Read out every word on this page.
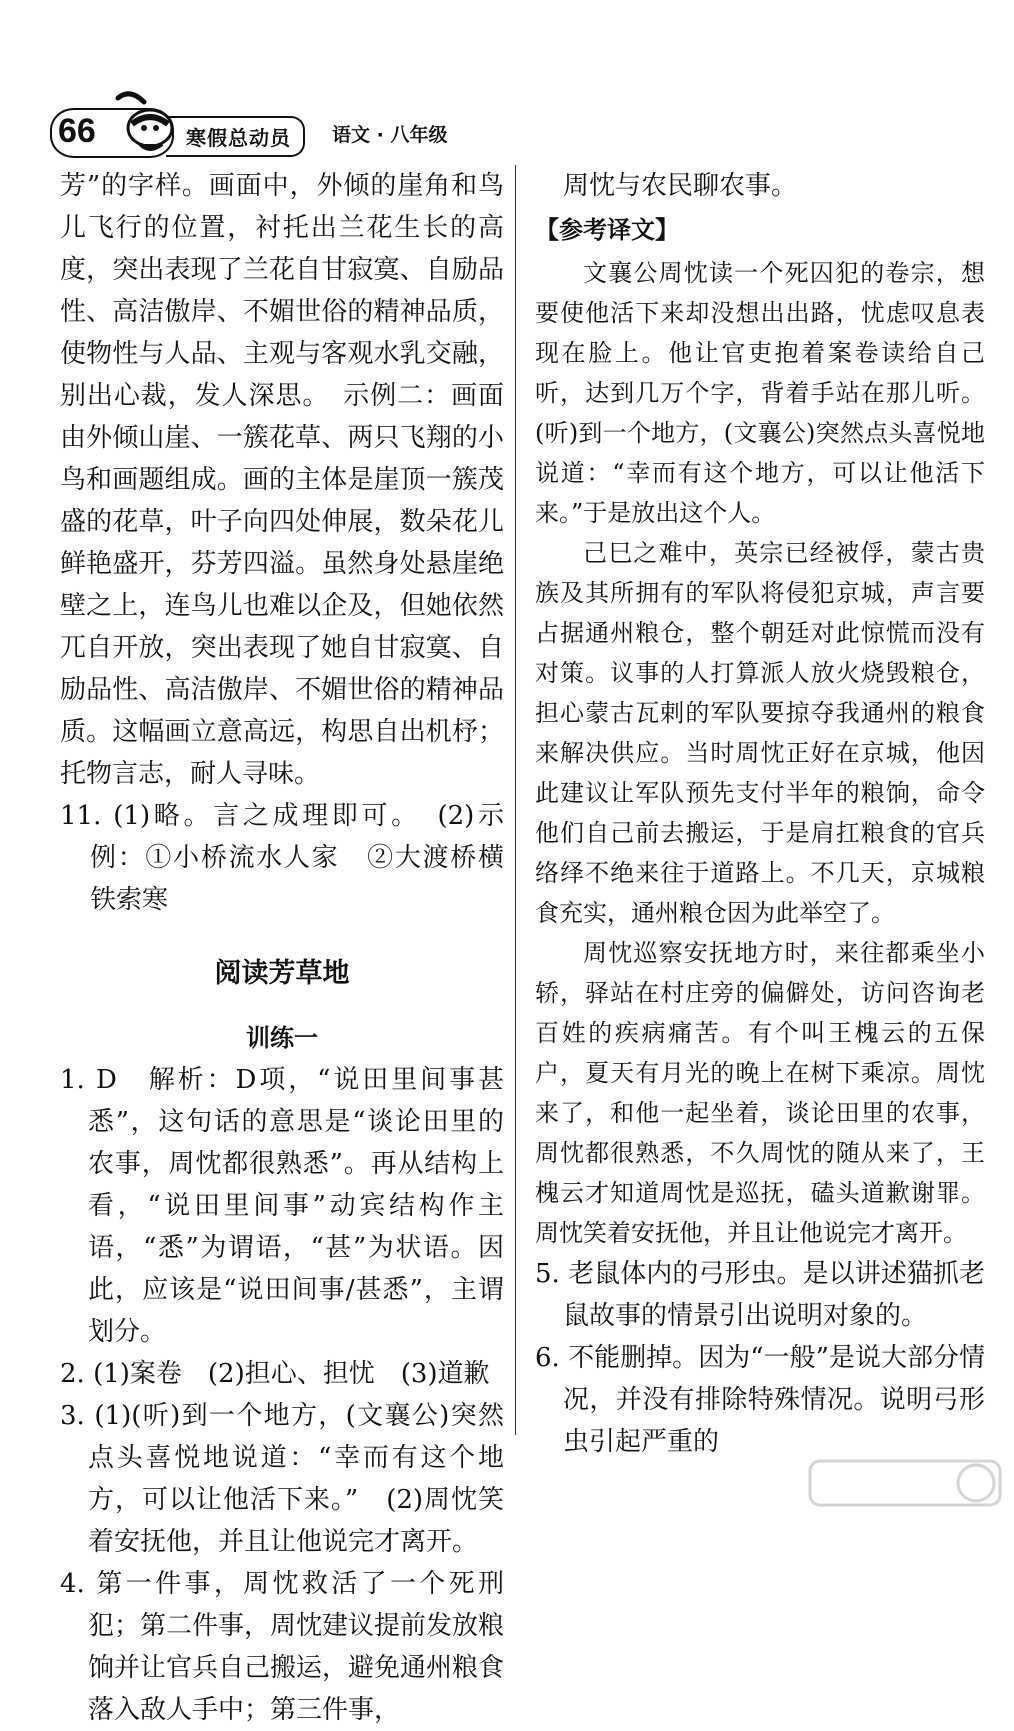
66	寒假总动员	语文 · 八年级

芳”的字样。画面中，外倾的崖角和鸟儿飞行的位置，衬托出兰花生长的高度，突出表现了兰花自甘寂寞、自励品性、高洁傲岸、不媚世俗的精神品质，使物性与人品、主观与客观水乳交融，别出心裁，发人深思。　示例二：画面由外倾山崖、一簇花草、两只飞翔的小鸟和画题组成。画的主体是崖顶一簇茂盛的花草，叶子向四处伸展，数朵花儿鲜艳盛开，芬芳四溢。虽然身处悬崖绝壁之上，连鸟儿也难以企及，但她依然兀自开放，突出表现了她自甘寂寞、自励品性、高洁傲岸、不媚世俗的精神品质。这幅画立意高远，构思自出机杼；托物言志，耐人寻味。

11. (1)略。言之成理即可。　(2)示例：①小桥流水人家　②大渡桥横铁索寒

阅读芳草地
训练一

1. D　解析：D项，“说田里间事甚悉”，这句话的意思是“谈论田里的农事，周忱都很熟悉”。再从结构上看，“说田里间事”动宾结构作主语，“悉”为谓语，“甚”为状语。因此，应该是“说田间事/甚悉”，主谓划分。

2. (1)案卷　(2)担心、担忧　(3)道歉

3. (1)(听)到一个地方，(文襄公)突然点头喜悦地说道：“幸而有这个地方，可以让他活下来。”　(2)周忱笑着安抚他，并且让他说完才离开。

4. 第一件事，周忱救活了一个死刑犯；第二件事，周忱建议提前发放粮饷并让官兵自己搬运，避免通州粮食落入敌人手中；第三件事，

周忱与农民聊农事。

【参考译文】

文襄公周忱读一个死囚犯的卷宗，想要使他活下来却没想出出路，忧虑叹息表现在脸上。他让官吏抱着案卷读给自己听，达到几万个字，背着手站在那儿听。(听)到一个地方，(文襄公)突然点头喜悦地说道：“幸而有这个地方，可以让他活下来。”于是放出这个人。

己巳之难中，英宗已经被俘，蒙古贵族及其所拥有的军队将侵犯京城，声言要占据通州粮仓，整个朝廷对此惊慌而没有对策。议事的人打算派人放火烧毁粮仓，担心蒙古瓦剌的军队要掠夺我通州的粮食来解决供应。当时周忱正好在京城，他因此建议让军队预先支付半年的粮饷，命令他们自己前去搬运，于是肩扛粮食的官兵络绎不绝来往于道路上。不几天，京城粮食充实，通州粮仓因为此举空了。

周忱巡察安抚地方时，来往都乘坐小轿，驿站在村庄旁的偏僻处，访问咨询老百姓的疾病痛苦。有个叫王槐云的五保户，夏天有月光的晚上在树下乘凉。周忱来了，和他一起坐着，谈论田里的农事，周忱都很熟悉，不久周忱的随从来了，王槐云才知道周忱是巡抚，磕头道歉谢罪。周忱笑着安抚他，并且让他说完才离开。

5. 老鼠体内的弓形虫。是以讲述猫抓老鼠故事的情景引出说明对象的。

6. 不能删掉。因为“一般”是说大部分情况，并没有排除特殊情况。说明弓形虫引起严重的
